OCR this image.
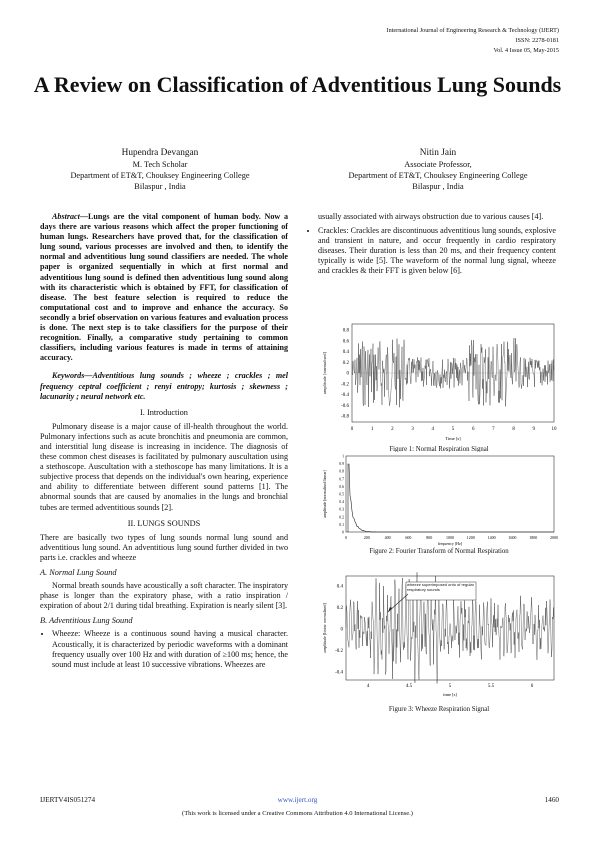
International Journal of Engineering Research & Technology (IJERT)
ISSN: 2278-0181
Vol. 4 Issue 05, May-2015
A Review on Classification of Adventitious Lung Sounds
Hupendra Devangan
M. Tech Scholar
Department of ET&T, Chouksey Engineering College
Bilaspur , India
Nitin Jain
Associate Professor,
Department of ET&T, Chouksey Engineering College
Bilaspur , India

Abstract—Lungs are the vital component of human body. Now a days there are various reasons which affect the proper functioning of human lungs. Researchers have proved that, for the classification of lung sound, various processes are involved and then, to identify the normal and adventitious lung sound classifiers are needed. The whole paper is organized sequentially in which at first normal and adventitious lung sound is defined then adventitious lung sound along with its characteristic which is obtained by FFT, for classification of disease. The best feature selection is required to reduce the computational cost and to improve and enhance the accuracy. So secondly a brief observation on various features and evaluation process is done. The next step is to take classifiers for the purpose of their recognition. Finally, a comparative study pertaining to common classifiers, including various features is made in terms of attaining accuracy.

Keywords—Adventitious lung sounds ; wheeze ; crackles ; mel frequency ceptral coefficient ; renyi entropy; kurtosis ; skewness ; lacunarity ; neural network etc.

I. Introduction

Pulmonary disease is a major cause of ill-health throughout the world. Pulmonary infections such as acute bronchitis and pneumonia are common, and interstitial lung disease is increasing in incidence. The diagnosis of these common chest diseases is facilitated by pulmonary auscultation using a stethoscope. Auscultation with a stethoscope has many limitations. It is a subjective process that depends on the individual's own hearing, experience and ability to differentiate between different sound patterns [1]. The abnormal sounds that are caused by anomalies in the lungs and bronchial tubes are termed adventitious sounds [2].

II. LUNGS SOUNDS

There are basically two types of lung sounds normal lung sound and adventitious lung sound. An adventitious lung sound further divided in two parts i.e. crackles and wheeze

A. Normal Lung Sound

Normal breath sounds have acoustically a soft character. The inspiratory phase is longer than the expiratory phase, with a ratio inspiration / expiration of about 2/1 during tidal breathing. Expiration is nearly silent [3].

B. Adventitious Lung Sound
• Wheeze: Wheeze is a continuous sound having a musical character. Acoustically, it is characterized by periodic waveforms with a dominant frequency usually over 100 Hz and with duration of ≥100 ms; hence, the sound must include at least 10 successive vibrations. Wheezes are

usually associated with airways obstruction due to various causes [4].

• Crackles: Crackles are discontinuous adventitious lung sounds, explosive and transient in nature, and occur frequently in cardio respiratory diseases. Their duration is less than 20 ms, and their frequency content typically is wide [5]. The waveform of the normal lung signal, wheeze and crackles & their FFT is given below [6].
0.8
0.6
0.4
0.2
0
-0.2
-0.4
-0.6
-0.8
0	1	2	3	4	5	6	7	8	9	10
amplitude [normalised]
Time [s]
Figure 1: Normal Respiration Signal
1
0.9
0.8
0.7
0.6
0.5
0.4
0.3
0.2
0.1
0
0	200	400	600	800	1000	1200	1400	1600	1800	2000
amplitude [normalised linear]
frequency [Hz]
Figure 2: Fourier Transform of Normal Respiration
0.4
0.2
0
-0.2
-0.4
4	4.5	5	5.5	6
amplitude [linear normalised]
time [s]
wheeze superimposed onto of regular respiratory sounds
Figure 3: Wheeze Respiration Signal
IJERTV4IS051274	www.ijert.org	1460
(This work is licensed under a Creative Commons Attribution 4.0 International License.)
